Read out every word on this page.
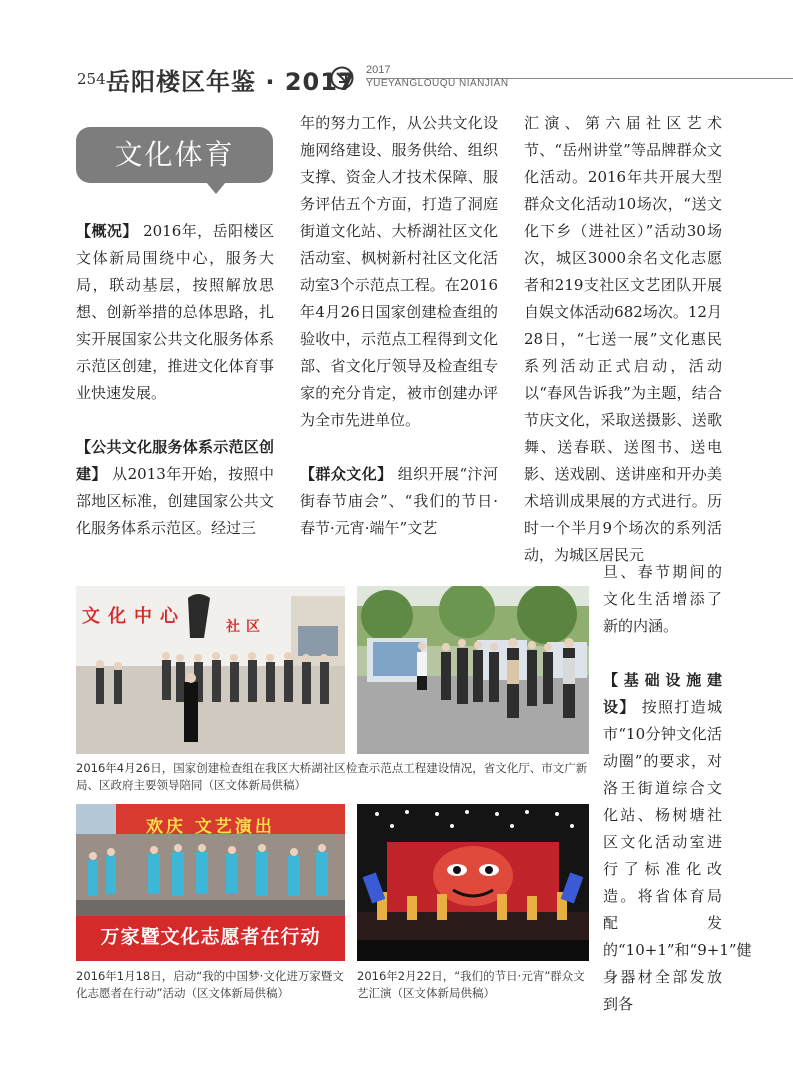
254 岳阳楼区年鉴 · 2017 2017
YUEYANGLOUQU NIANJIAN
文化体育

【概况】 2016年，岳阳楼区文体新局围绕中心，服务大局，联动基层，按照解放思想、创新举措的总体思路，扎实开展国家公共文化服务体系示范区创建，推进文化体育事业快速发展。

【公共文化服务体系示范区创建】 从2013年开始，按照中部地区标准，创建国家公共文化服务体系示范区。经过三

年的努力工作，从公共文化设施网络建设、服务供给、组织支撑、资金人才技术保障、服务评估五个方面，打造了洞庭街道文化站、大桥湖社区文化活动室、枫树新村社区文化活动室3个示范点工程。在2016年4月26日国家创建检查组的验收中，示范点工程得到文化部、省文化厅领导及检查组专家的充分肯定，被市创建办评为全市先进单位。

【群众文化】 组织开展“汴河街春节庙会”、“我们的节日·春节·元宵·端午”文艺

汇演、第六届社区艺术节、“岳州讲堂”等品牌群众文化活动。2016年共开展大型群众文化活动10场次，“送文化下乡（进社区）”活动30场次，城区3000余名文化志愿者和219支社区文艺团队开展自娱文体活动682场次。12月28日，“七送一展”文化惠民系列活动正式启动，活动以“春风告诉我”为主题，结合节庆文化，采取送摄影、送歌舞、送春联、送图书、送电影、送戏剧、送讲座和开办美术培训成果展的方式进行。历时一个半月9个场次的系列活动，为城区居民元

旦、春节期间的文化生活增添了新的内涵。

【基础设施建设】 按照打造城市“10分钟文化活动圈”的要求，对洛王街道综合文化站、杨树塘社区文化活动室进行了标准化改造。将省体育局配发的“10+1”和“9+1”健身器材全部发放到各

文化中心	社区
2016年4月26日，国家创建检查组在我区大桥湖社区检查示范点工程建设情况，省文化厅、市文广新局、区政府主要领导陪同（区文体新局供稿）
欢庆 文艺演出
万家暨文化志愿者在行动
2016年1月18日，启动“我的中国梦·文化进万家暨文化志愿者在行动”活动（区文体新局供稿）
2016年2月22日，“我们的节日·元宵”群众文艺汇演（区文体新局供稿）
